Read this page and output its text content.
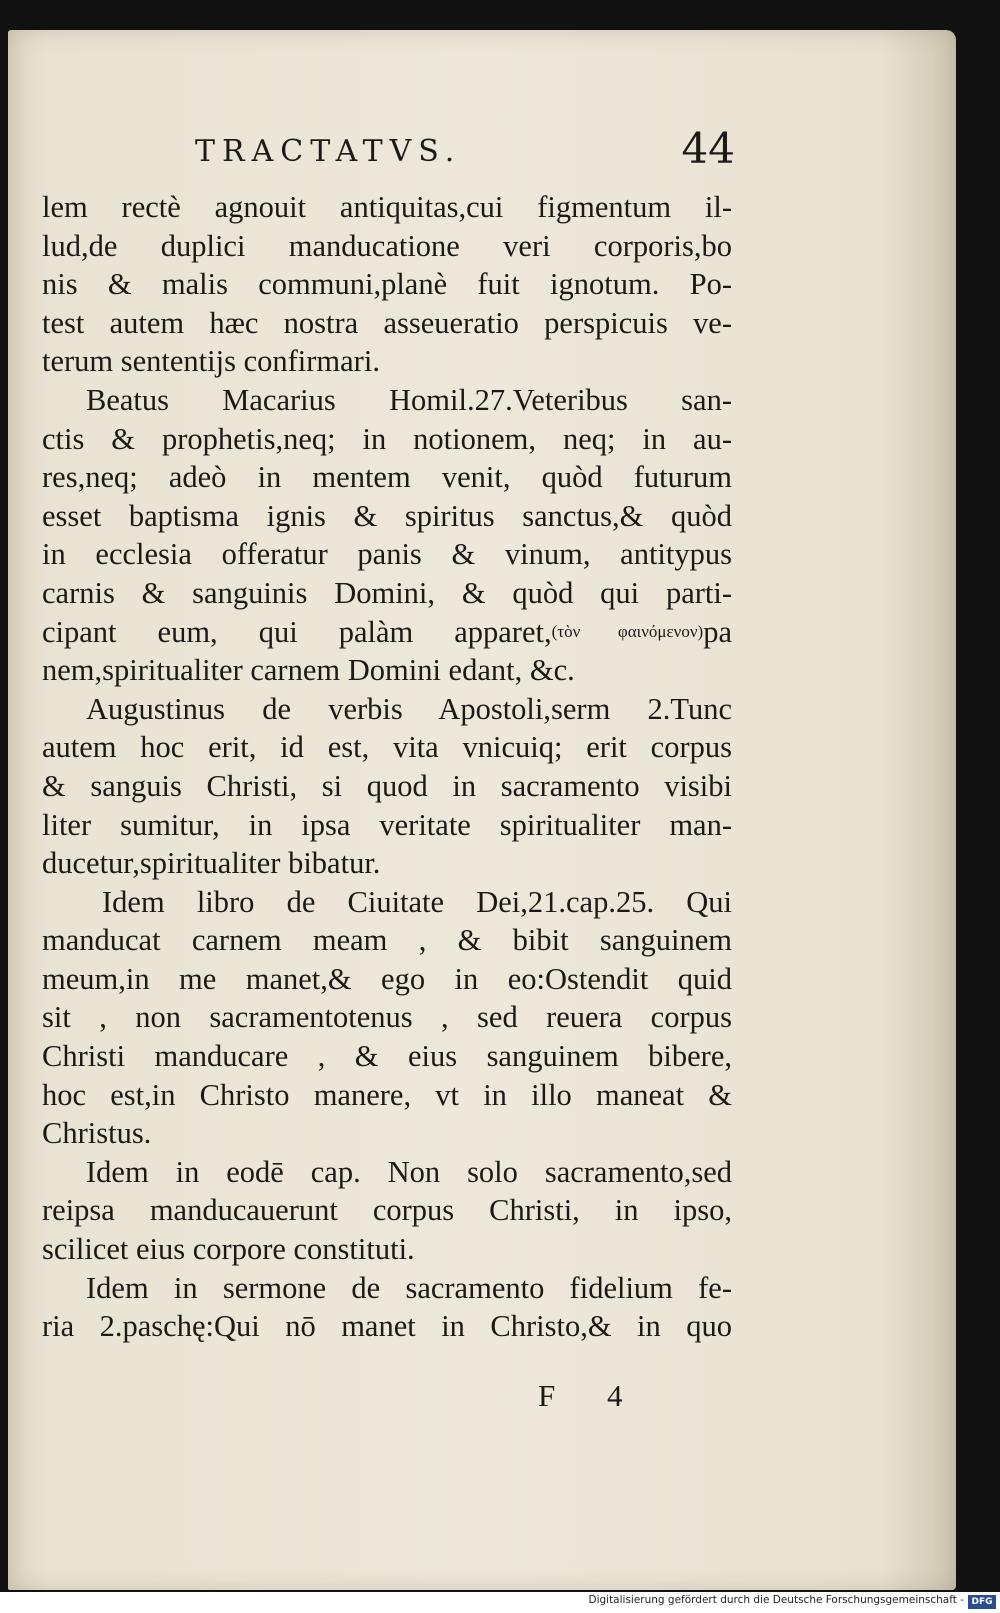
TRACTATVS.	44
lem rectè agnouit antiquitas,cui figmentum il-
lud,de duplici manducatione veri corporis,bo
nis & malis communi,planè fuit ignotum. Po-
test autem hæc nostra asseueratio perspicuis ve-
terum sententijs confirmari.
Beatus Macarius Homil.27.Veteribus san-
ctis & prophetis,neq; in notionem, neq; in au-
res,neq; adeò in mentem venit, quòd futurum
esset baptisma ignis & spiritus sanctus,& quòd
in ecclesia offeratur panis & vinum, antitypus
carnis & sanguinis Domini, & quòd qui parti-
cipant eum, qui palàm apparet,(τὸν φαινόμενον)pa
nem,spiritualiter carnem Domini edant, &c.
Augustinus de verbis Apostoli,serm 2.Tunc
autem hoc erit, id est, vita vnicuiq; erit corpus
& sanguis Christi, si quod in sacramento visibi
liter sumitur, in ipsa veritate spiritualiter man-
ducetur,spiritualiter bibatur.
Idem libro de Ciuitate Dei,21.cap.25. Qui
manducat carnem meam , & bibit sanguinem
meum,in me manet,& ego in eo:Ostendit quid
sit , non sacramentotenus , sed reuera corpus
Christi manducare , & eius sanguinem bibere,
hoc est,in Christo manere, vt in illo maneat &
Christus.
Idem in eodē cap. Non solo sacramento,sed
reipsa manducauerunt corpus Christi, in ipso,
scilicet eius corpore constituti.
Idem in sermone de sacramento fidelium fe-
ria 2.paschę:Qui nō manet in Christo,& in quo
F 4
Digitalisierung gefördert durch die Deutsche Forschungsgemeinschaft - DFG
